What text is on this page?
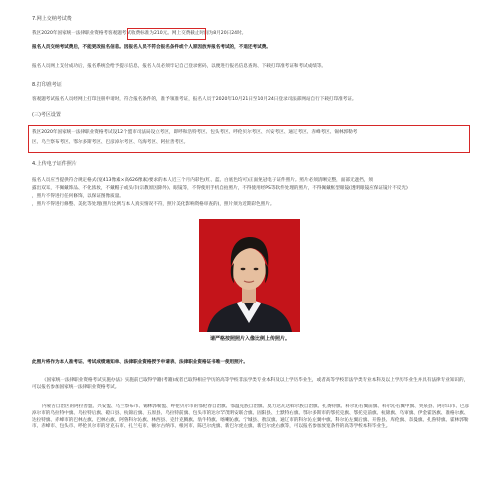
7.网上交纳考试费
我区2020年国家统一法律职业资格考客观题考试收费标准为210元。网上交费截止时间为8月20日24时。
报名人员交纳考试费后，不能更改报名信息。因报名人员不符合报名条件或个人原因放弃报名考试的，不退还考试费。
报名人员网上支付成功后，报名系统会给予提示信息，报名人员必须牢记自己登录密码，以便进行报名信息查询、下载打印准考证和考试成绩等。
8.打印准考证
客观题考试报名人员经网上打印注册申请时，符合报名条件的，准予领准考证，报名人员于2020年10月21日至10月24日登录司法部网站自行下载打印准考证。
(三)考区设置
我区2020年国家统一法律职业资格考试设12个盟市司法局设立考区，即呼和浩特考区、包头考区、呼伦贝尔考区、兴安考区、通辽考区、赤峰考区、锡林郭勒考
区、乌兰察布考区、鄂尔多斯考区、巴彦淖尔考区、乌海考区、阿拉善考区。
4.上传电子证件照片
报名人员应当提供符合规定格式(宽413像素×高626像素)要求的本人近三个月内彩色(红、蓝、白底色均可)正面免冠电子证件照片。照片必须清晰完整，面部无遮挡，须
露出双耳，不佩戴饰品、不化浓妆，不戴帽子或头巾(宗教原因除外)、眼镜等，不得使用手机自拍照片，不得使用经PS等软件处理的照片，不得佩戴框型眼镜(透明眼镜应保证镜片不反光)
，照片不得进行任何修饰，以保证图像质量。
，照片不得进行修整、美化等处理(照片比例与本人真实情况不符，照片美化影响资格审查的)，照片须为近期彩色照片。
请严格按照照片入像比例上传照片。
此照片将作为本人准考证、考试成绩通知单、法律职业资格授予申请表、法律职业资格证书唯一使用照片。
《国家统一法律职业资格考试实施办法》实施前已取得学籍(考籍)或者已取得相应学历的高等学校非法学类专业本科及以上学历毕业生，或者高等学校非法学类专业本科及以上学历毕业生并具有法律专业知识的，可以报名参加国家统一法律职业资格考试。
内蒙古自治区的阿拉善盟、兴安盟、乌兰察布市、锡林郭勒盟、呼伦贝尔市的鄂伦春自治旗、鄂温克族自治旗、莫力达瓦达斡尔族自治旗、扎赉特旗、科尔沁右翼前旗、科尔沁右翼中旗、突泉县、阿尔山市、巴彦淖尔市的乌拉特中旗、乌拉特后旗、磴口县、杭锦后旗、五原县、乌拉特前旗、包头市的达尔罕茂明安联合旗、固阳县、土默特右旗、鄂尔多斯市的鄂托克旗、鄂托克前旗、杭锦旗、乌审旗、伊金霍洛旗、准格尔旗、达拉特旗、赤峰市的巴林左旗、巴林右旗、阿鲁科尔沁旗、林西县、克什克腾旗、翁牛特旗、喀喇沁旗、宁城县、敖汉旗、通辽市的科尔沁左翼中旗、科尔沁左翼后旗、开鲁县、库伦旗、奈曼旗、扎鲁特旗、霍林郭勒市、赤峰市、包头市、呼伦贝尔市的牙克石市、扎兰屯市、额尔古纳市、根河市、陈巴尔虎旗、新巴尔虎左旗、新巴尔虎右旗等，可以报名参加放宽条件的高等学校本科毕业生。
